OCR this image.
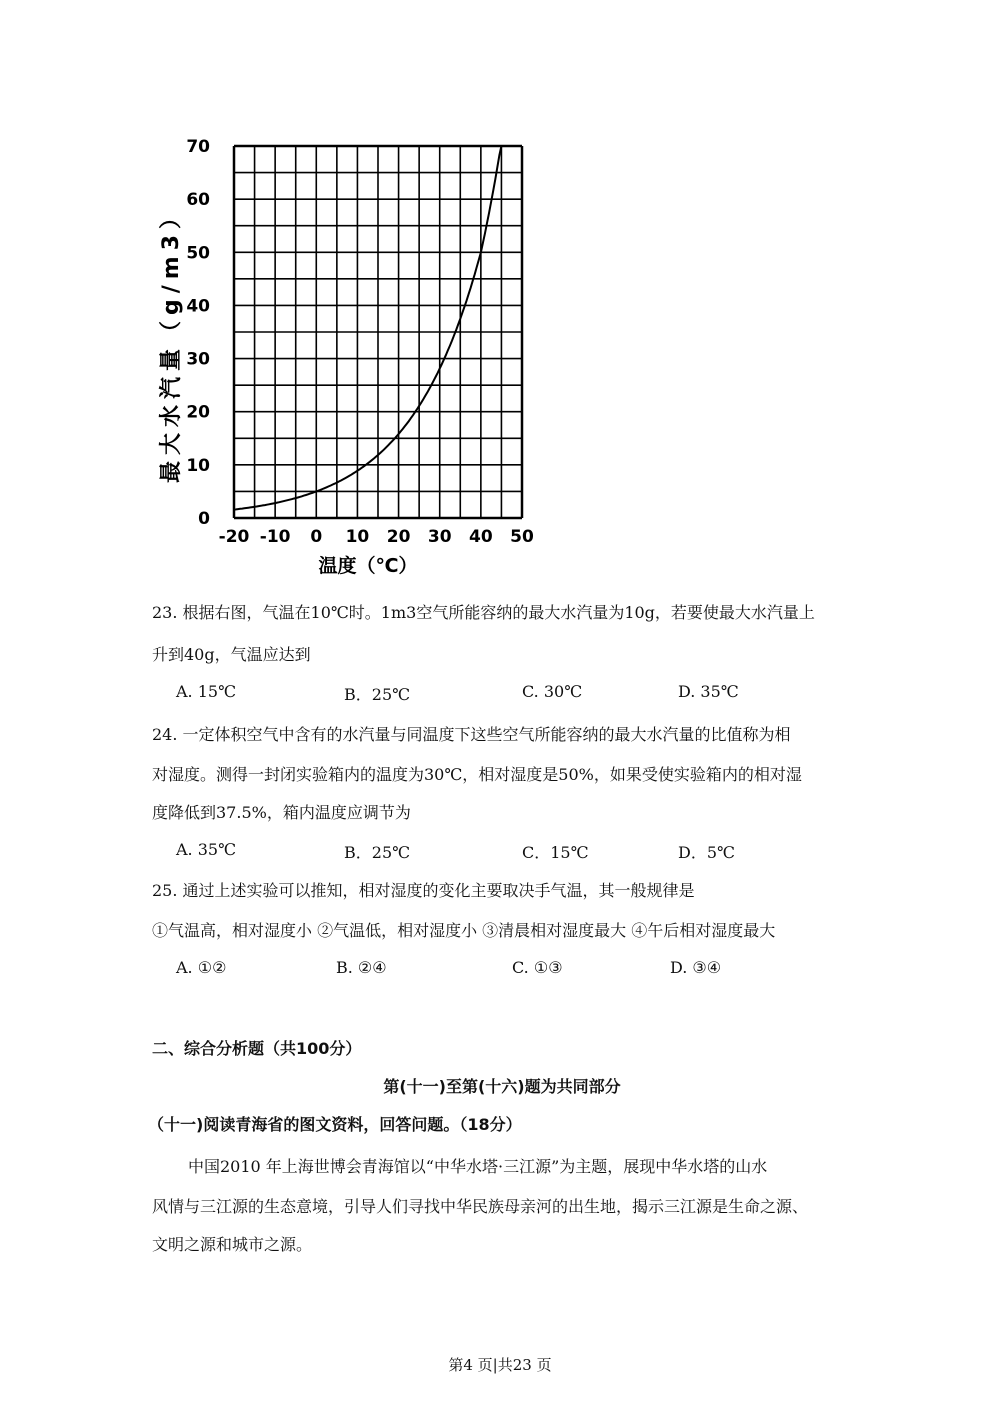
0
10
20
30
40
50
60
70
-20 -10 0 10 20 30 40 50
最大水汽量（g/m3）
温度（℃）
23. 根据右图，气温在10℃时。1m3空气所能容纳的最大水汽量为10g，若要使最大水汽量上
升到40g，气温应达到
A. 15℃	B．25℃	C. 30℃	D. 35℃
24. 一定体积空气中含有的水汽量与同温度下这些空气所能容纳的最大水汽量的比值称为相
对湿度。测得一封闭实验箱内的温度为30℃，相对湿度是50%，如果受使实验箱内的相对湿
度降低到37.5%，箱内温度应调节为
A. 35℃	B．25℃	C．15℃	D．5℃
25. 通过上述实验可以推知，相对湿度的变化主要取决手气温，其一般规律是
①气温高，相对湿度小 ②气温低，相对湿度小 ③清晨相对湿度最大 ④午后相对湿度最大
A. ①②	B. ②④	C. ①③	D. ③④
二、综合分析题（共100分）
第(十一)至第(十六)题为共同部分
（十一)阅读青海省的图文资料，回答问题。（18分）
中国2010 年上海世博会青海馆以“中华水塔·三江源”为主题，展现中华水塔的山水
风情与三江源的生态意境，引导人们寻找中华民族母亲河的出生地，揭示三江源是生命之源、
文明之源和城市之源。
第4 页|共23 页
